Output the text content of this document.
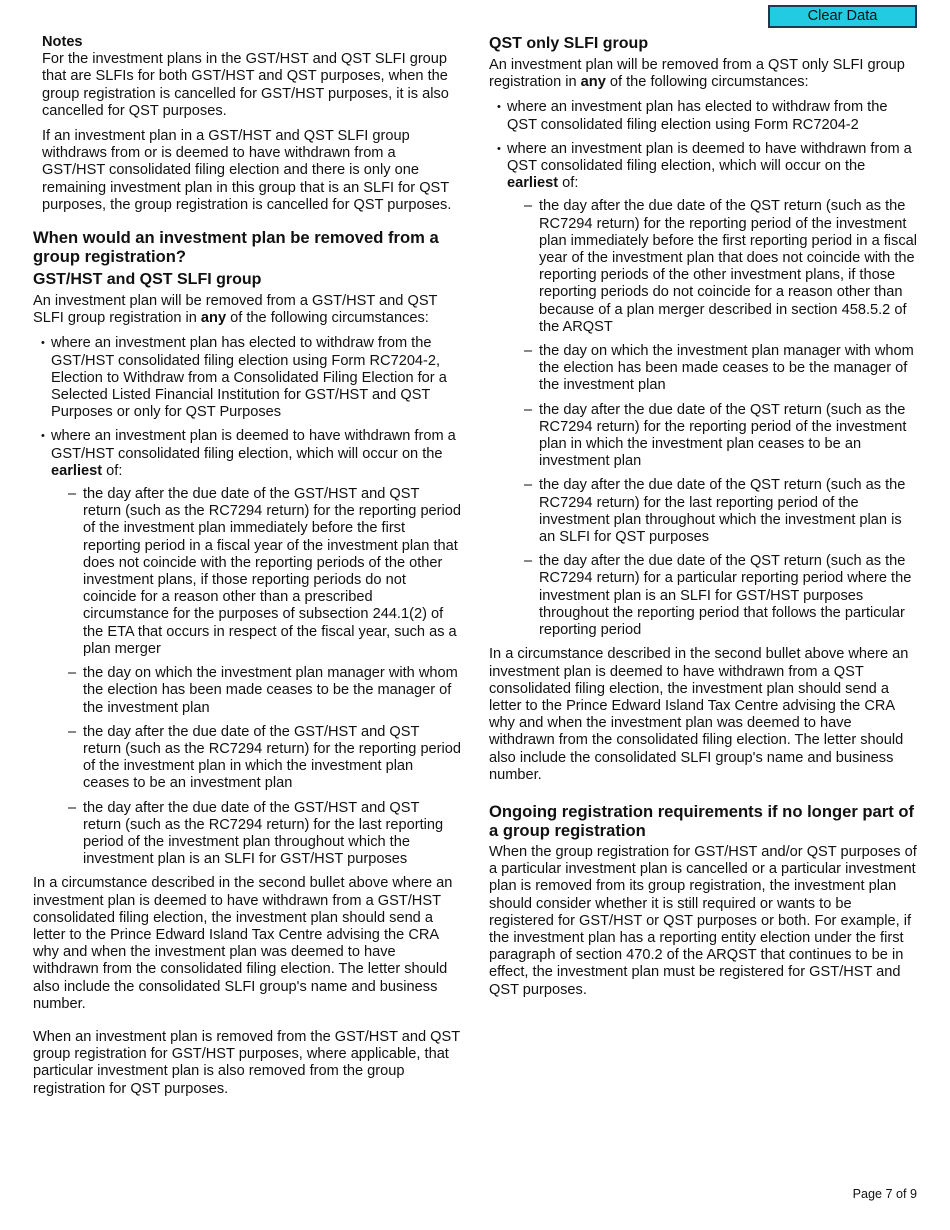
Clear Data

Notes

For the investment plans in the GST/HST and QST SLFI group that are SLFIs for both GST/HST and QST purposes, when the group registration is cancelled for GST/HST purposes, it is also cancelled for QST purposes.

If an investment plan in a GST/HST and QST SLFI group withdraws from or is deemed to have withdrawn from a GST/HST consolidated filing election and there is only one remaining investment plan in this group that is an SLFI for QST purposes, the group registration is cancelled for QST purposes.

When would an investment plan be removed from a group registration?
GST/HST and QST SLFI group

An investment plan will be removed from a GST/HST and QST SLFI group registration in any of the following circumstances:

• where an investment plan has elected to withdraw from the GST/HST consolidated filing election using Form RC7204-2, Election to Withdraw from a Consolidated Filing Election for a Selected Listed Financial Institution for GST/HST and QST Purposes or only for QST Purposes
• where an investment plan is deemed to have withdrawn from a GST/HST consolidated filing election, which will occur on the earliest of:
– the day after the due date of the GST/HST and QST return (such as the RC7294 return) for the reporting period of the investment plan immediately before the first reporting period in a fiscal year of the investment plan that does not coincide with the reporting periods of the other investment plans, if those reporting periods do not coincide for a reason other than a prescribed circumstance for the purposes of subsection 244.1(2) of the ETA that occurs in respect of the fiscal year, such as a plan merger
– the day on which the investment plan manager with whom the election has been made ceases to be the manager of the investment plan
– the day after the due date of the GST/HST and QST return (such as the RC7294 return) for the reporting period of the investment plan in which the investment plan ceases to be an investment plan
– the day after the due date of the GST/HST and QST return (such as the RC7294 return) for the last reporting period of the investment plan throughout which the investment plan is an SLFI for GST/HST purposes

In a circumstance described in the second bullet above where an investment plan is deemed to have withdrawn from a GST/HST consolidated filing election, the investment plan should send a letter to the Prince Edward Island Tax Centre advising the CRA why and when the investment plan was deemed to have withdrawn from the consolidated filing election. The letter should also include the consolidated SLFI group's name and business number.

When an investment plan is removed from the GST/HST and QST group registration for GST/HST purposes, where applicable, that particular investment plan is also removed from the group registration for QST purposes.

QST only SLFI group

An investment plan will be removed from a QST only SLFI group registration in any of the following circumstances:

• where an investment plan has elected to withdraw from the QST consolidated filing election using Form RC7204-2
• where an investment plan is deemed to have withdrawn from a QST consolidated filing election, which will occur on the earliest of:
– the day after the due date of the QST return (such as the RC7294 return) for the reporting period of the investment plan immediately before the first reporting period in a fiscal year of the investment plan that does not coincide with the reporting periods of the other investment plans, if those reporting periods do not coincide for a reason other than because of a plan merger described in section 458.5.2 of the ARQST
– the day on which the investment plan manager with whom the election has been made ceases to be the manager of the investment plan
– the day after the due date of the QST return (such as the RC7294 return) for the reporting period of the investment plan in which the investment plan ceases to be an investment plan
– the day after the due date of the QST return (such as the RC7294 return) for the last reporting period of the investment plan throughout which the investment plan is an SLFI for QST purposes
– the day after the due date of the QST return (such as the RC7294 return) for a particular reporting period where the investment plan is an SLFI for GST/HST purposes throughout the reporting period that follows the particular reporting period

In a circumstance described in the second bullet above where an investment plan is deemed to have withdrawn from a QST consolidated filing election, the investment plan should send a letter to the Prince Edward Island Tax Centre advising the CRA why and when the investment plan was deemed to have withdrawn from the consolidated filing election. The letter should also include the consolidated SLFI group's name and business number.

Ongoing registration requirements if no longer part of a group registration

When the group registration for GST/HST and/or QST purposes of a particular investment plan is cancelled or a particular investment plan is removed from its group registration, the investment plan should consider whether it is still required or wants to be registered for GST/HST or QST purposes or both. For example, if the investment plan has a reporting entity election under the first paragraph of section 470.2 of the ARQST that continues to be in effect, the investment plan must be registered for GST/HST and QST purposes.

Page 7 of 9
